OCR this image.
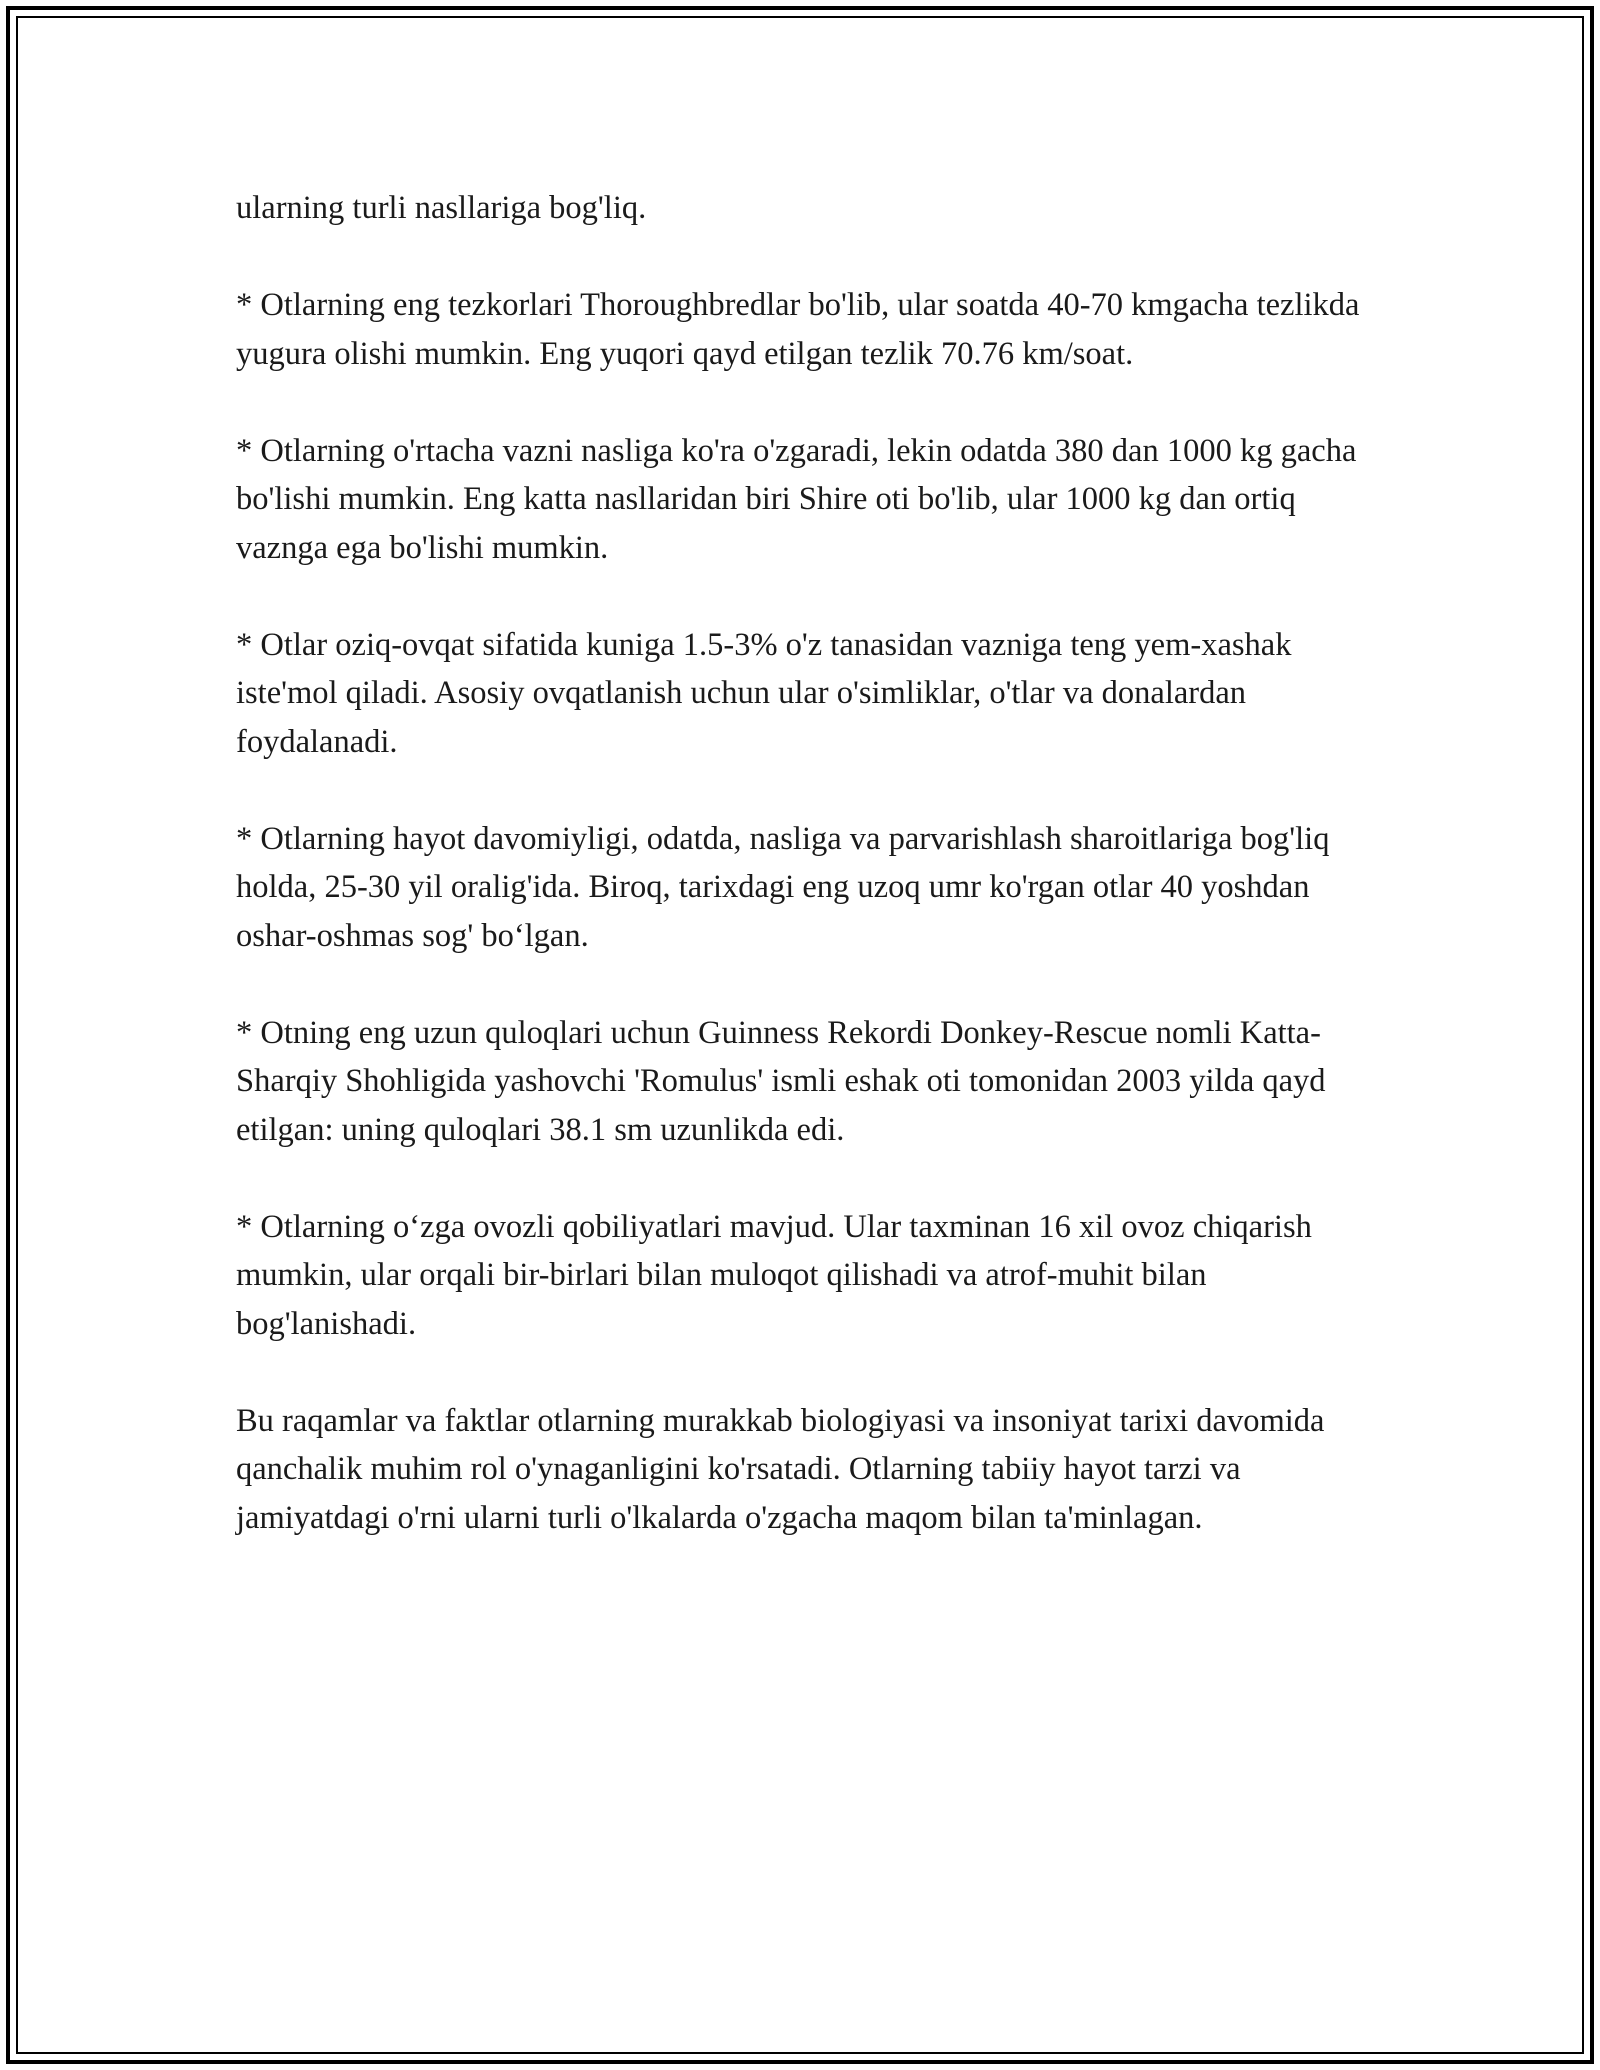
ularning turli nasllariga bog'liq.

* Otlarning eng tezkorlari Thoroughbredlar bo'lib, ular soatda 40-70 kmgacha tezlikda yugura olishi mumkin. Eng yuqori qayd etilgan tezlik 70.76 km/soat.

* Otlarning o'rtacha vazni nasliga ko'ra o'zgaradi, lekin odatda 380 dan 1000 kg gacha bo'lishi mumkin. Eng katta nasllaridan biri Shire oti bo'lib, ular 1000 kg dan ortiq vaznga ega bo'lishi mumkin.

* Otlar oziq-ovqat sifatida kuniga 1.5-3% o'z tanasidan vazniga teng yem-xashak iste'mol qiladi. Asosiy ovqatlanish uchun ular o'simliklar, o'tlar va donalardan foydalanadi.

* Otlarning hayot davomiyligi, odatda, nasliga va parvarishlash sharoitlariga bog'liq holda, 25-30 yil oralig'ida. Biroq, tarixdagi eng uzoq umr ko'rgan otlar 40 yoshdan oshar-oshmas sog' bo‘lgan.

* Otning eng uzun quloqlari uchun Guinness Rekordi Donkey-Rescue nomli Katta-Sharqiy Shohligida yashovchi 'Romulus' ismli eshak oti tomonidan 2003 yilda qayd etilgan: uning quloqlari 38.1 sm uzunlikda edi.

* Otlarning o‘zga ovozli qobiliyatlari mavjud. Ular taxminan 16 xil ovoz chiqarish mumkin, ular orqali bir-birlari bilan muloqot qilishadi va atrof-muhit bilan bog'lanishadi.

Bu raqamlar va faktlar otlarning murakkab biologiyasi va insoniyat tarixi davomida qanchalik muhim rol o'ynaganligini ko'rsatadi. Otlarning tabiiy hayot tarzi va jamiyatdagi o'rni ularni turli o'lkalarda o'zgacha maqom bilan ta'minlagan.
